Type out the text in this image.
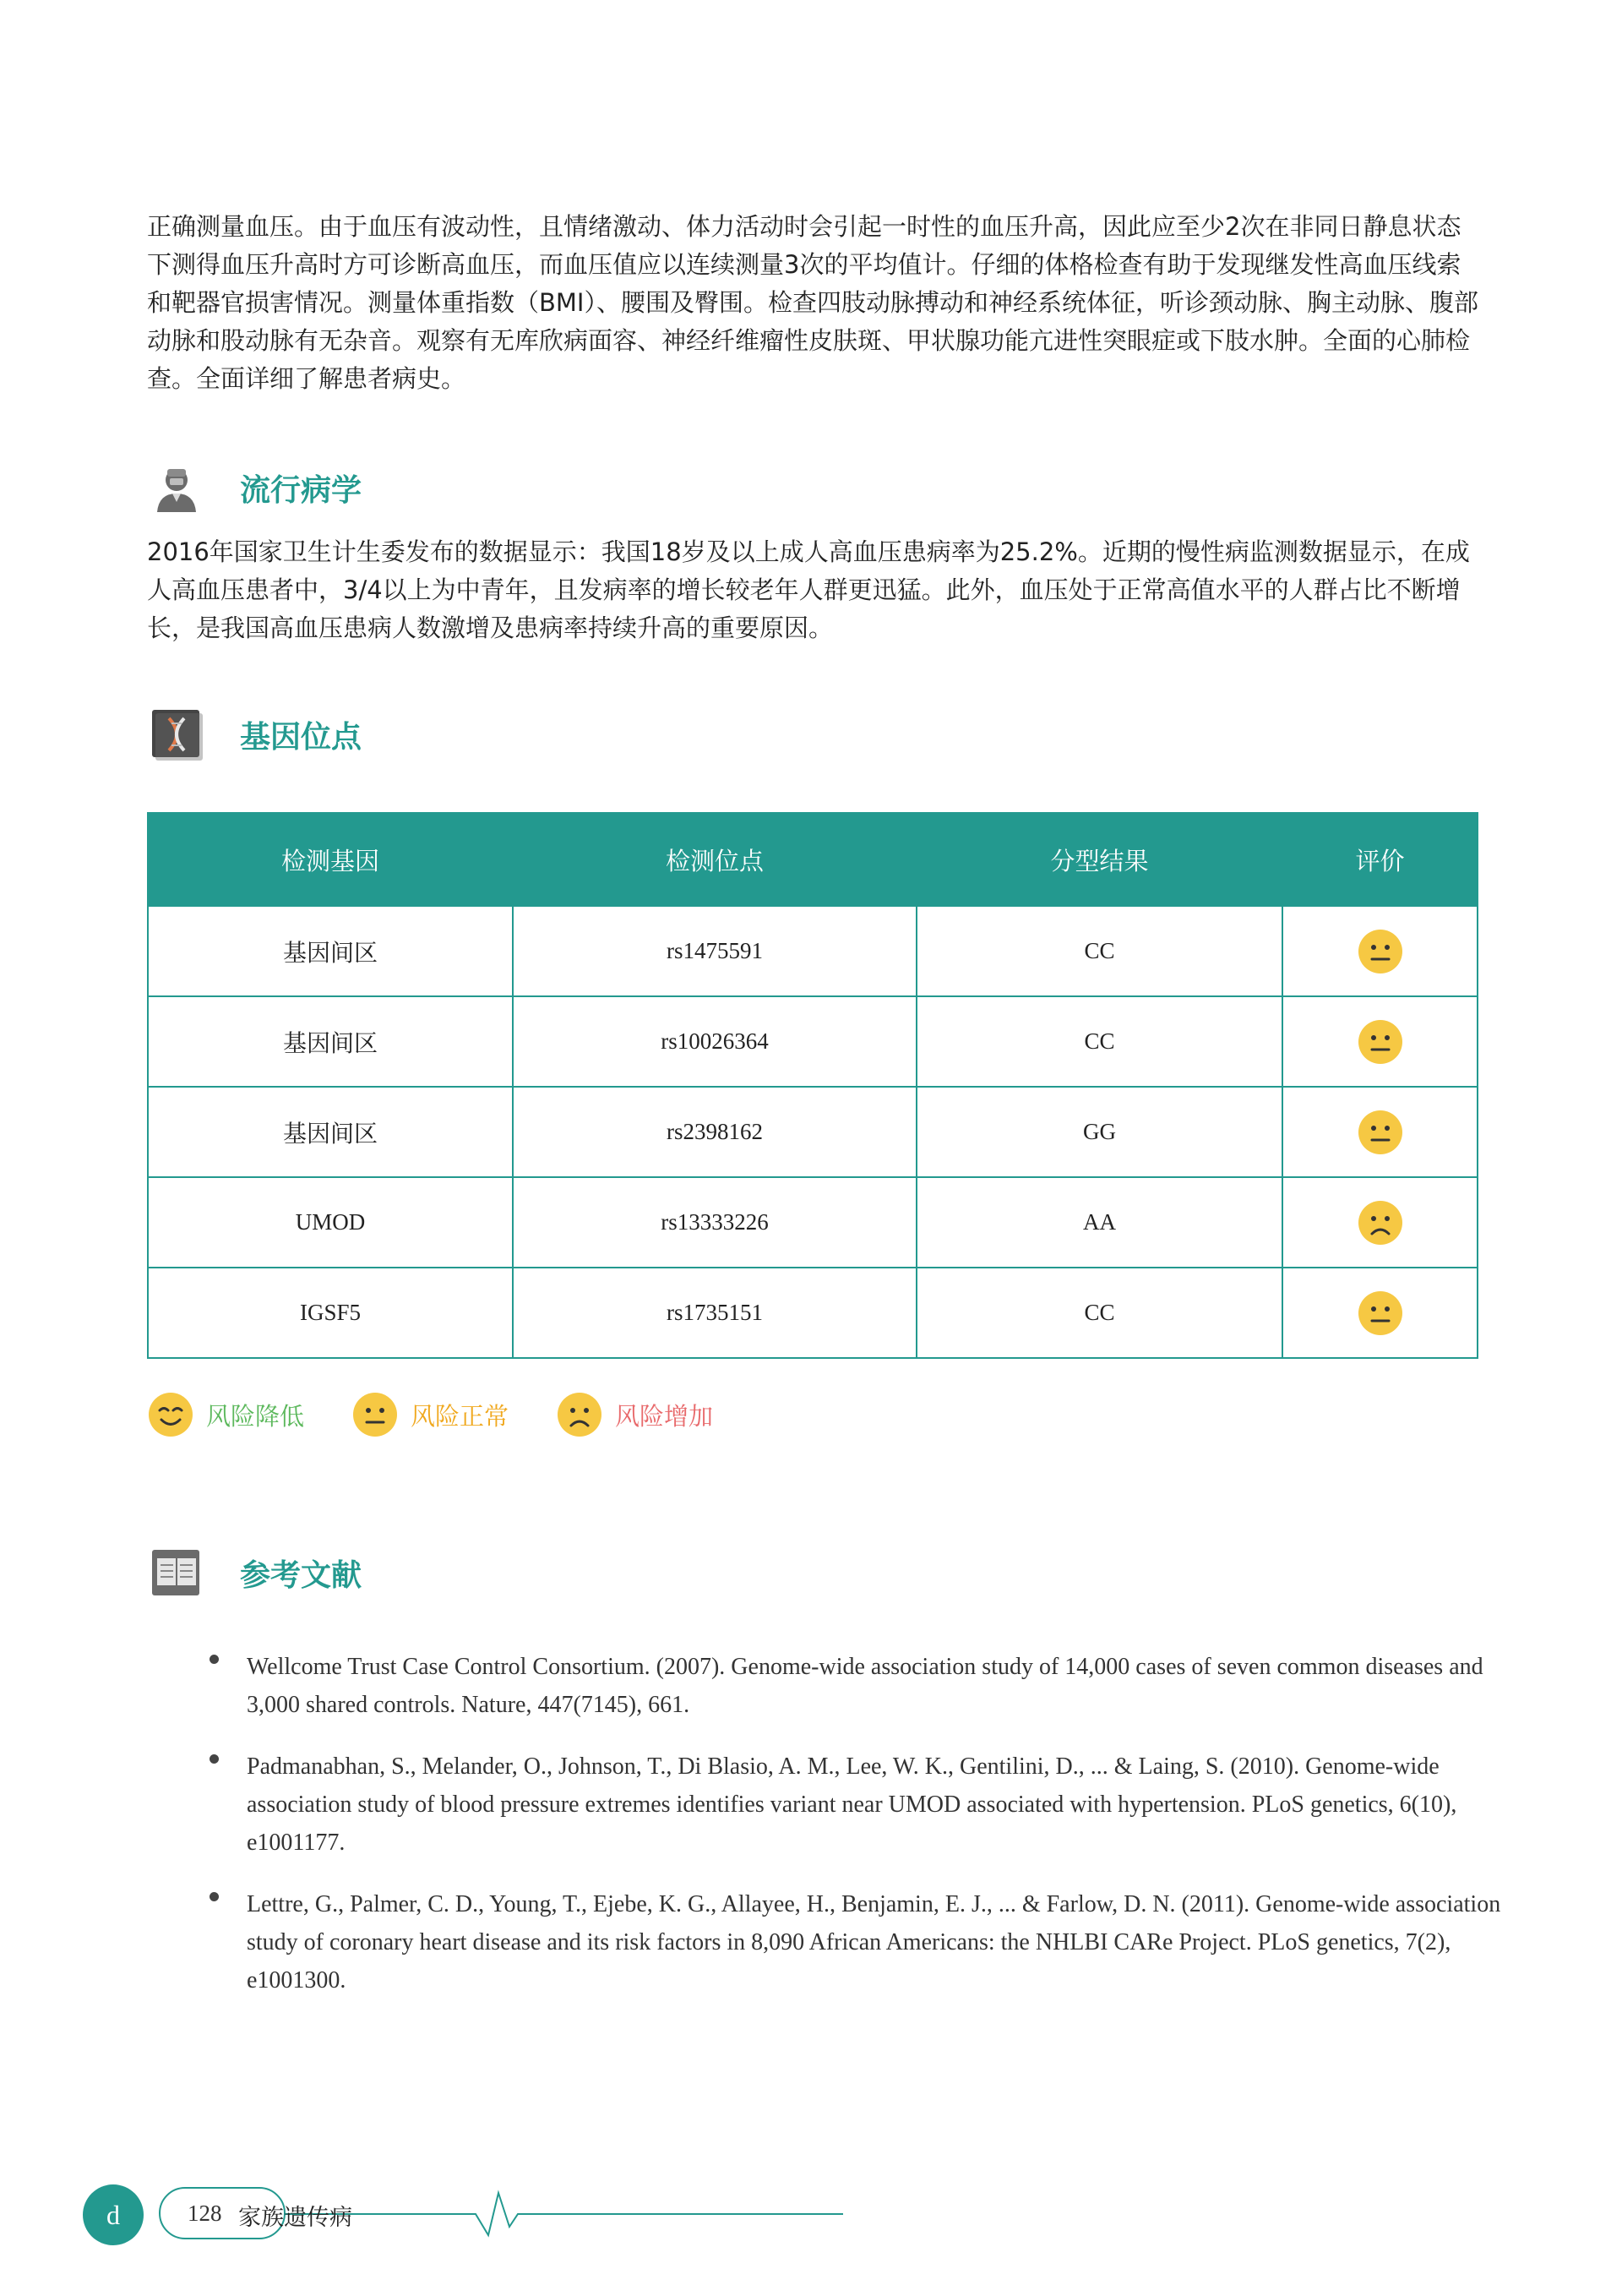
正确测量血压。由于血压有波动性，且情绪激动、体力活动时会引起一时性的血压升高，因此应至少2次在非同日静息状态下测得血压升高时方可诊断高血压，而血压值应以连续测量3次的平均值计。仔细的体格检查有助于发现继发性高血压线索和靶器官损害情况。测量体重指数（BMI）、腰围及臀围。检查四肢动脉搏动和神经系统体征，听诊颈动脉、胸主动脉、腹部动脉和股动脉有无杂音。观察有无库欣病面容、神经纤维瘤性皮肤斑、甲状腺功能亢进性突眼症或下肢水肿。全面的心肺检查。全面详细了解患者病史。

流行病学

2016年国家卫生计生委发布的数据显示：我国18岁及以上成人高血压患病率为25.2%。近期的慢性病监测数据显示，在成人高血压患者中，3/4以上为中青年，且发病率的增长较老年人群更迅猛。此外，血压处于正常高值水平的人群占比不断增长，是我国高血压患病人数激增及患病率持续升高的重要原因。

基因位点
检测基因	检测位点	分型结果	评价
基因间区	rs1475591	CC	
基因间区	rs10026364	CC	
基因间区	rs2398162	GG	
UMOD	rs13333226	AA	
IGSF5	rs1735151	CC	
风险降低	风险正常	风险增加
参考文献
Wellcome Trust Case Control Consortium. (2007). Genome-wide association study of 14,000 cases of seven common diseases and 3,000 shared controls. Nature, 447(7145), 661.
Padmanabhan, S., Melander, O., Johnson, T., Di Blasio, A. M., Lee, W. K., Gentilini, D., ... & Laing, S. (2010). Genome-wide association study of blood pressure extremes identifies variant near UMOD associated with hypertension. PLoS genetics, 6(10), e1001177.
Lettre, G., Palmer, C. D., Young, T., Ejebe, K. G., Allayee, H., Benjamin, E. J., ... & Farlow, D. N. (2011). Genome-wide association study of coronary heart disease and its risk factors in 8,090 African Americans: the NHLBI CARe Project. PLoS genetics, 7(2), e1001300.
128
d	家族遗传病
